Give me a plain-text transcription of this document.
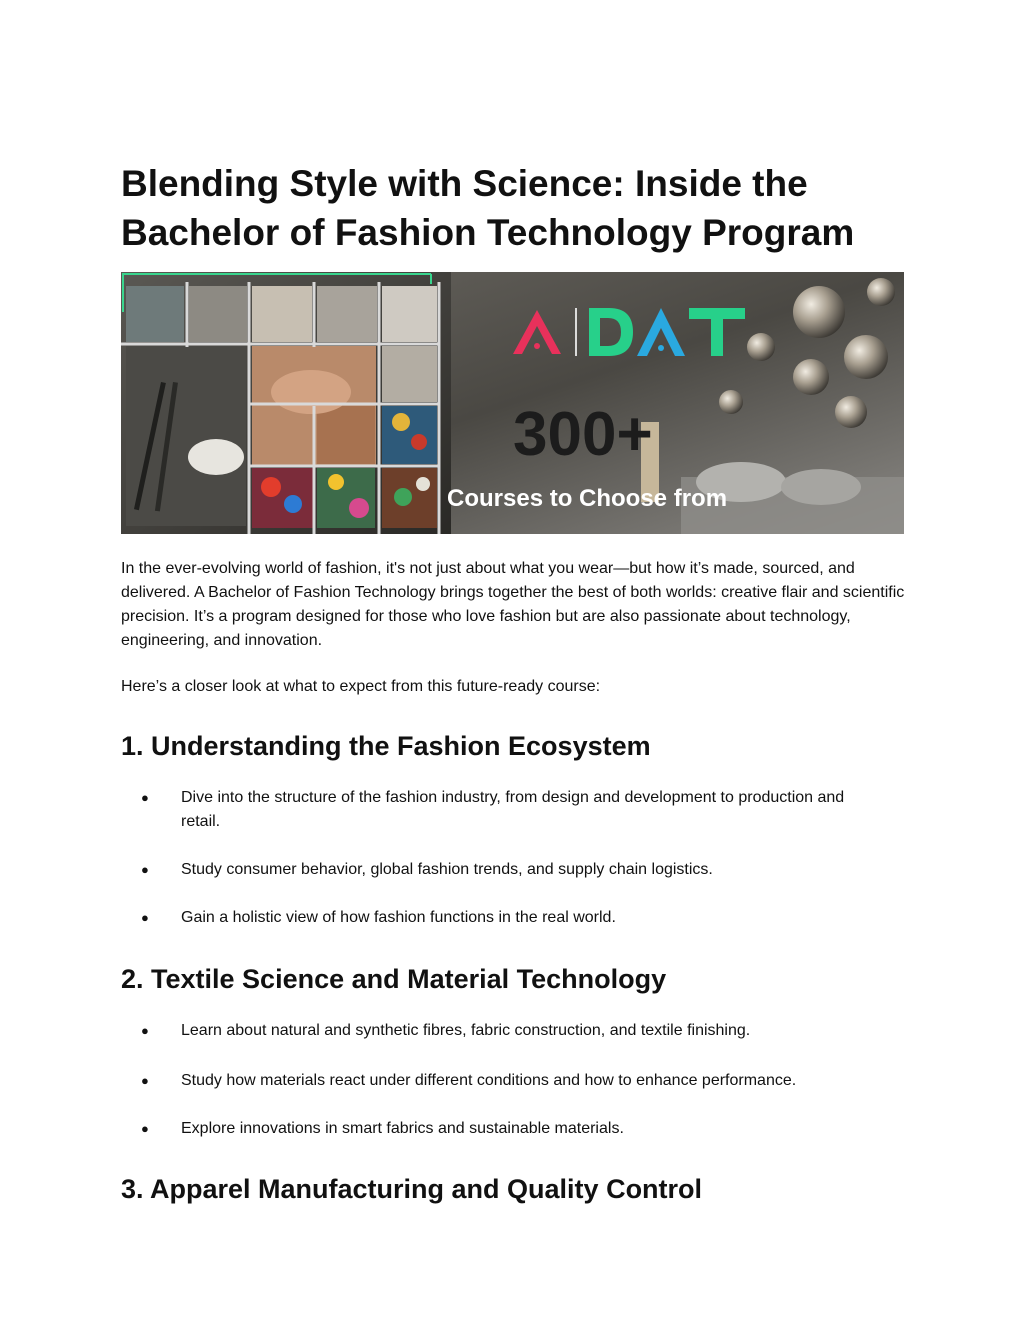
Blending Style with Science: Inside the Bachelor of Fashion Technology Program
300+
Courses to Choose from

In the ever-evolving world of fashion, it's not just about what you wear—but how it’s made, sourced, and delivered. A Bachelor of Fashion Technology brings together the best of both worlds: creative flair and scientific precision. It’s a program designed for those who love fashion but are also passionate about technology, engineering, and innovation.

Here’s a closer look at what to expect from this future-ready course:

1. Understanding the Fashion Ecosystem
● Dive into the structure of the fashion industry, from design and development to production and retail.
● Study consumer behavior, global fashion trends, and supply chain logistics.
● Gain a holistic view of how fashion functions in the real world.
2. Textile Science and Material Technology
● Learn about natural and synthetic fibres, fabric construction, and textile finishing.
● Study how materials react under different conditions and how to enhance performance.
● Explore innovations in smart fabrics and sustainable materials.
3. Apparel Manufacturing and Quality Control
